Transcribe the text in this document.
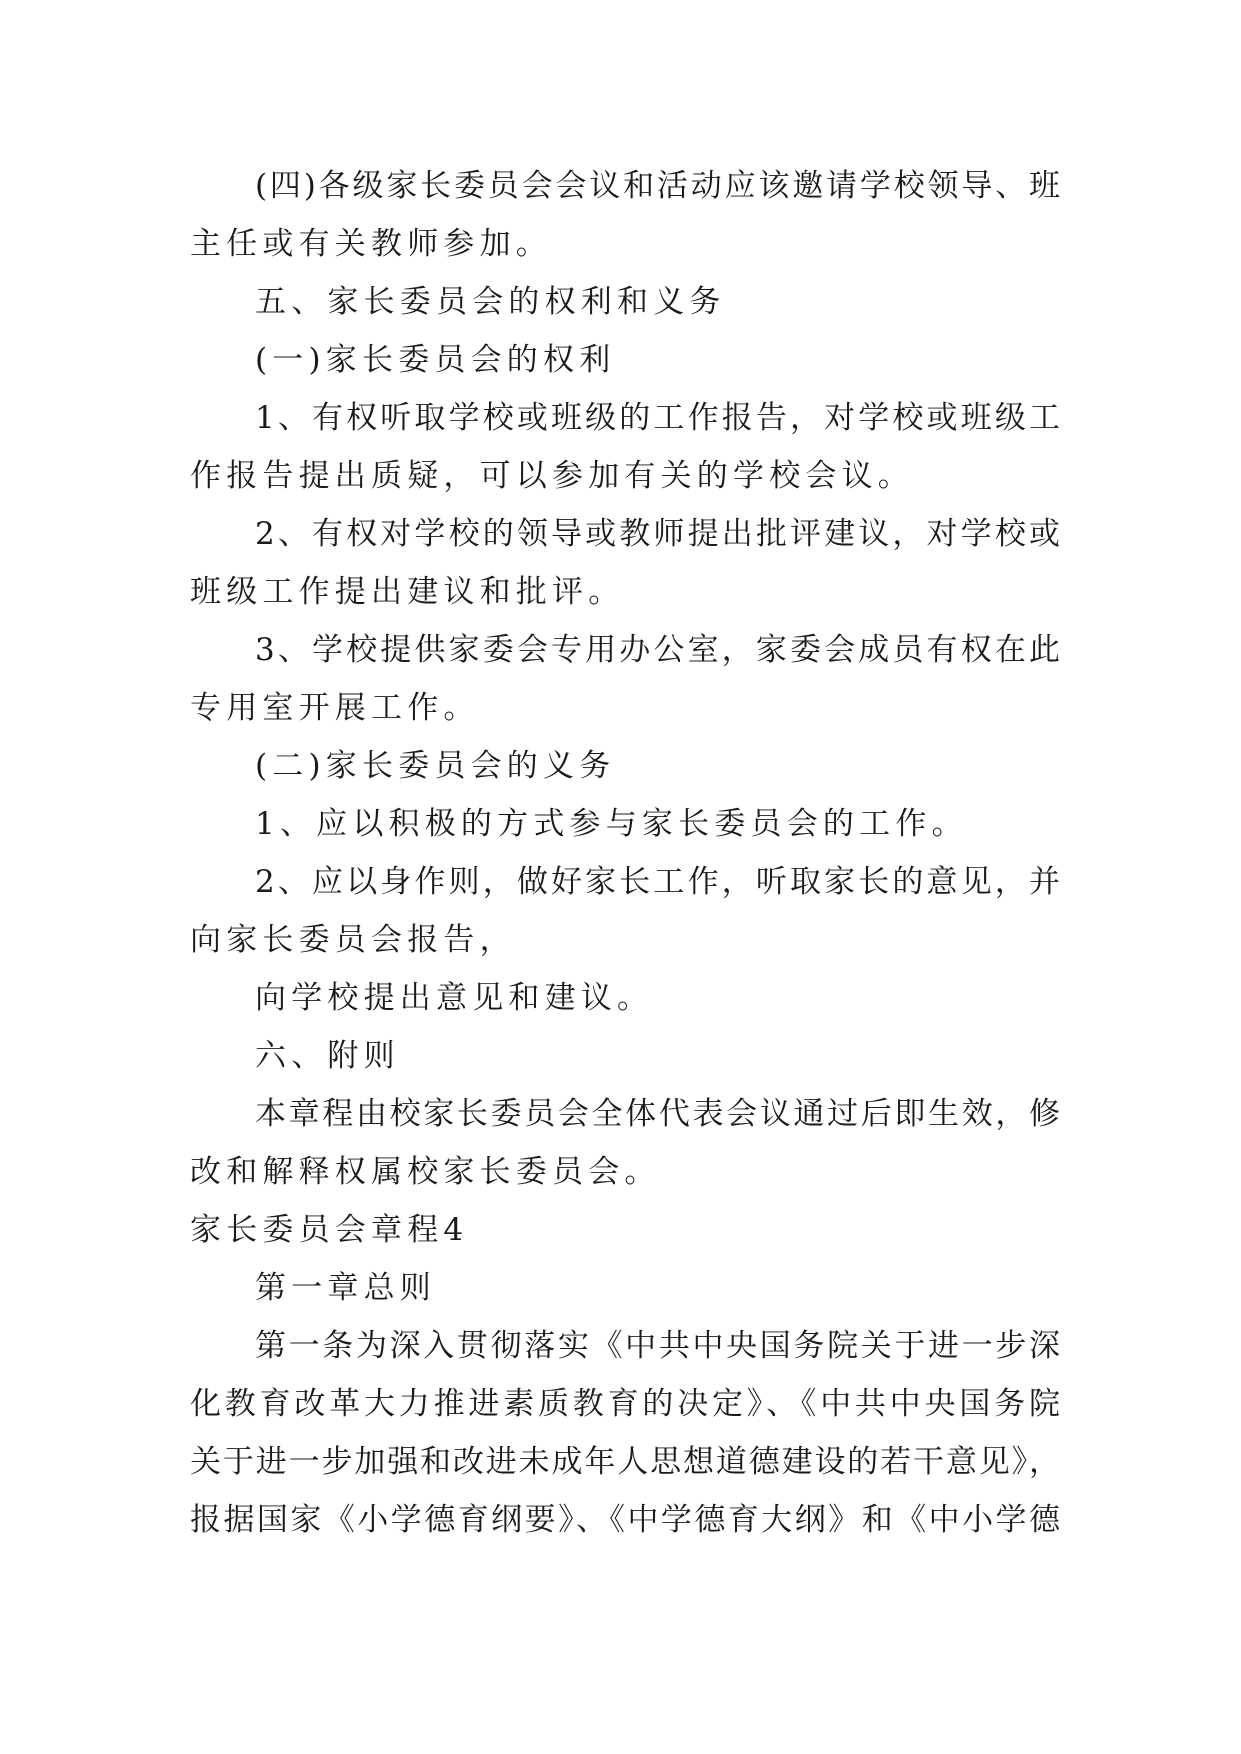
(四)各级家长委员会会议和活动应该邀请学校领导、班
主任或有关教师参加。
五、家长委员会的权利和义务
(一)家长委员会的权利
1、有权听取学校或班级的工作报告，对学校或班级工
作报告提出质疑，可以参加有关的学校会议。
2、有权对学校的领导或教师提出批评建议，对学校或
班级工作提出建议和批评。
3、学校提供家委会专用办公室，家委会成员有权在此
专用室开展工作。
(二)家长委员会的义务
1、应以积极的方式参与家长委员会的工作。
2、应以身作则，做好家长工作，听取家长的意见，并
向家长委员会报告，
向学校提出意见和建议。
六、附则
本章程由校家长委员会全体代表会议通过后即生效，修
改和解释权属校家长委员会。
家长委员会章程4
第一章总则
第一条为深入贯彻落实《中共中央国务院关于进一步深
化教育改革大力推进素质教育的决定》、《中共中央国务院
关于进一步加强和改进未成年人思想道德建设的若干意见》，
报据国家《小学德育纲要》、《中学德育大纲》和《中小学德
